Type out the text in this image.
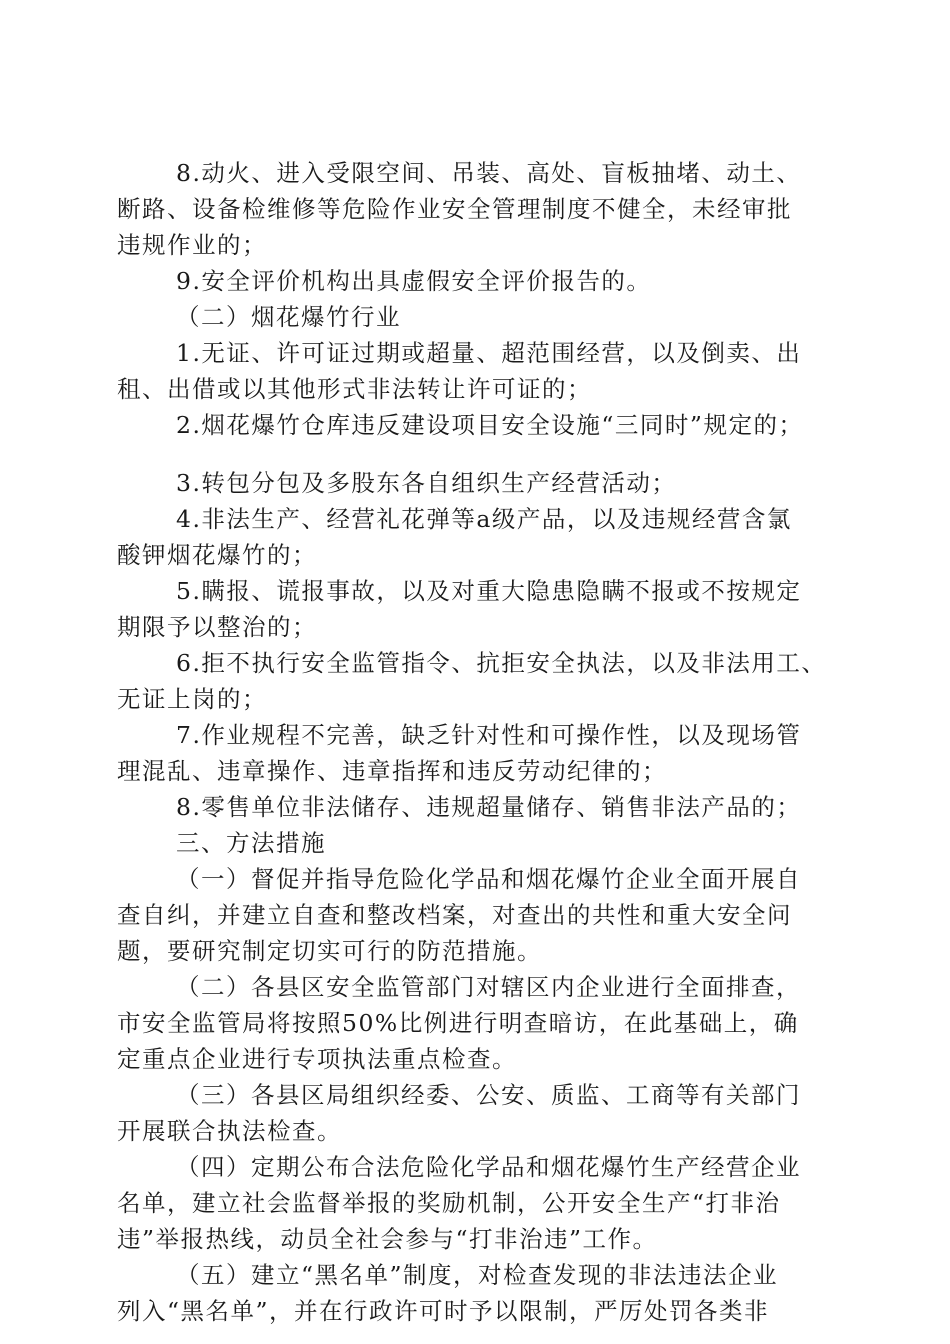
8.动火、进入受限空间、吊装、高处、盲板抽堵、动土、
断路、设备检维修等危险作业安全管理制度不健全，未经审批
违规作业的；
9.安全评价机构出具虚假安全评价报告的。
（二）烟花爆竹行业
1.无证、许可证过期或超量、超范围经营，以及倒卖、出
租、出借或以其他形式非法转让许可证的；
2.烟花爆竹仓库违反建设项目安全设施“三同时”规定的；
3.转包分包及多股东各自组织生产经营活动；
4.非法生产、经营礼花弹等a级产品，以及违规经营含氯
酸钾烟花爆竹的；
5.瞒报、谎报事故，以及对重大隐患隐瞒不报或不按规定
期限予以整治的；
6.拒不执行安全监管指令、抗拒安全执法，以及非法用工、
无证上岗的；
7.作业规程不完善，缺乏针对性和可操作性，以及现场管
理混乱、违章操作、违章指挥和违反劳动纪律的；
8.零售单位非法储存、违规超量储存、销售非法产品的；
三、方法措施
（一）督促并指导危险化学品和烟花爆竹企业全面开展自
查自纠，并建立自查和整改档案，对查出的共性和重大安全问
题，要研究制定切实可行的防范措施。
（二）各县区安全监管部门对辖区内企业进行全面排查，
市安全监管局将按照50%比例进行明查暗访，在此基础上，确
定重点企业进行专项执法重点检查。
（三）各县区局组织经委、公安、质监、工商等有关部门
开展联合执法检查。
（四）定期公布合法危险化学品和烟花爆竹生产经营企业
名单，建立社会监督举报的奖励机制，公开安全生产“打非治
违”举报热线，动员全社会参与“打非治违”工作。
（五）建立“黑名单”制度，对检查发现的非法违法企业
列入“黑名单”，并在行政许可时予以限制，严厉处罚各类非
